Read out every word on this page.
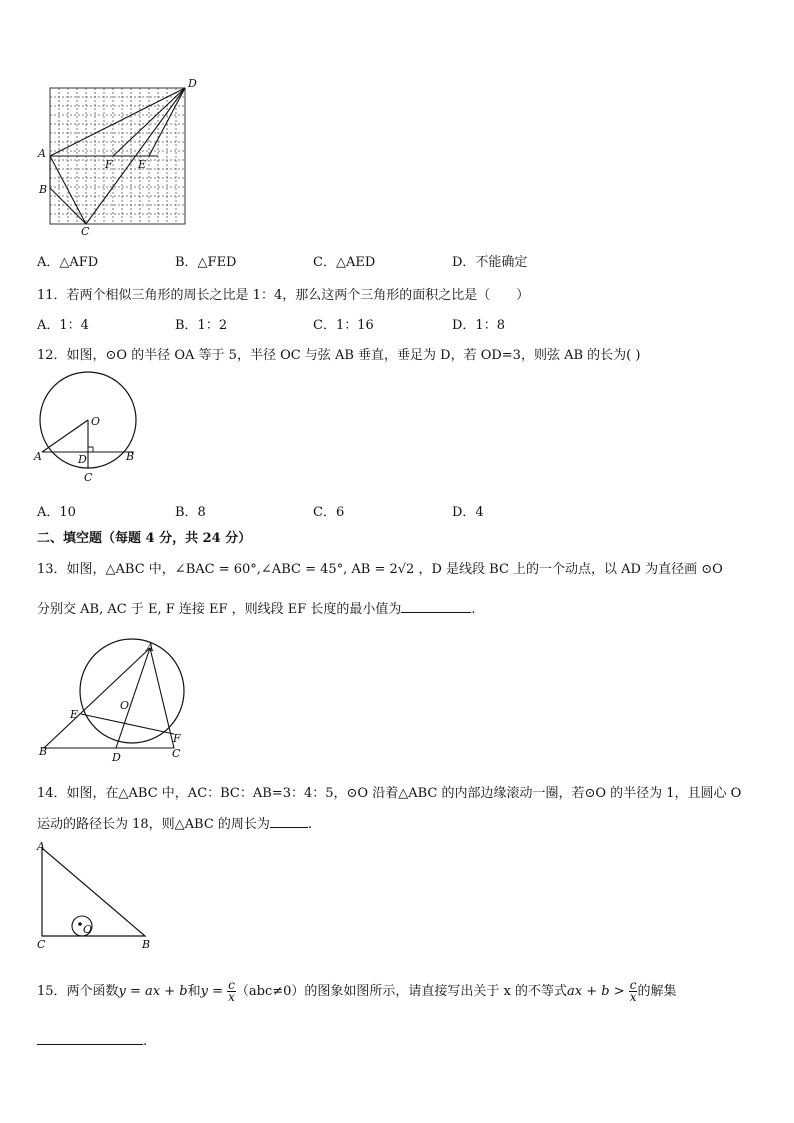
D
A
B
C
F E
A．△AFD	B．△FED	C．△AED	D．不能确定
11．若两个相似三角形的周长之比是 1：4，那么这两个三角形的面积之比是（　　）
A．1：4	B．1：2	C．1：16	D．1：8
12．如图，⊙O 的半径 OA 等于 5，半径 OC 与弦 AB 垂直，垂足为 D，若 OD=3，则弦 AB 的长为( )
O
A	D	B
C
A．10	B．8	C．6	D．4
二、填空题（每题 4 分，共 24 分）
13．如图，△ABC 中，∠BAC = 60°,∠ABC = 45°, AB = 2√2 ，D 是线段 BC 上的一个动点，以 AD 为直径画 ⊙O
分别交 AB, AC 于 E, F 连接 EF ，则线段 EF 长度的最小值为	.
A
O
E
F
B	D	C
14．如图，在△ABC 中，AC：BC：AB=3：4：5，⊙O 沿着△ABC 的内部边缘滚动一圈，若⊙O 的半径为 1，且圆心 O
运动的路径长为 18，则△ABC 的周长为	.
A
C	B
O
15．两个函数y = ax + b和$y = \frac{c}{x} (abc\ne 0)$的图象如图所示，请直接写出关于 x 的不等式ax + $b > \frac{c}{x}$ 的解集
.
